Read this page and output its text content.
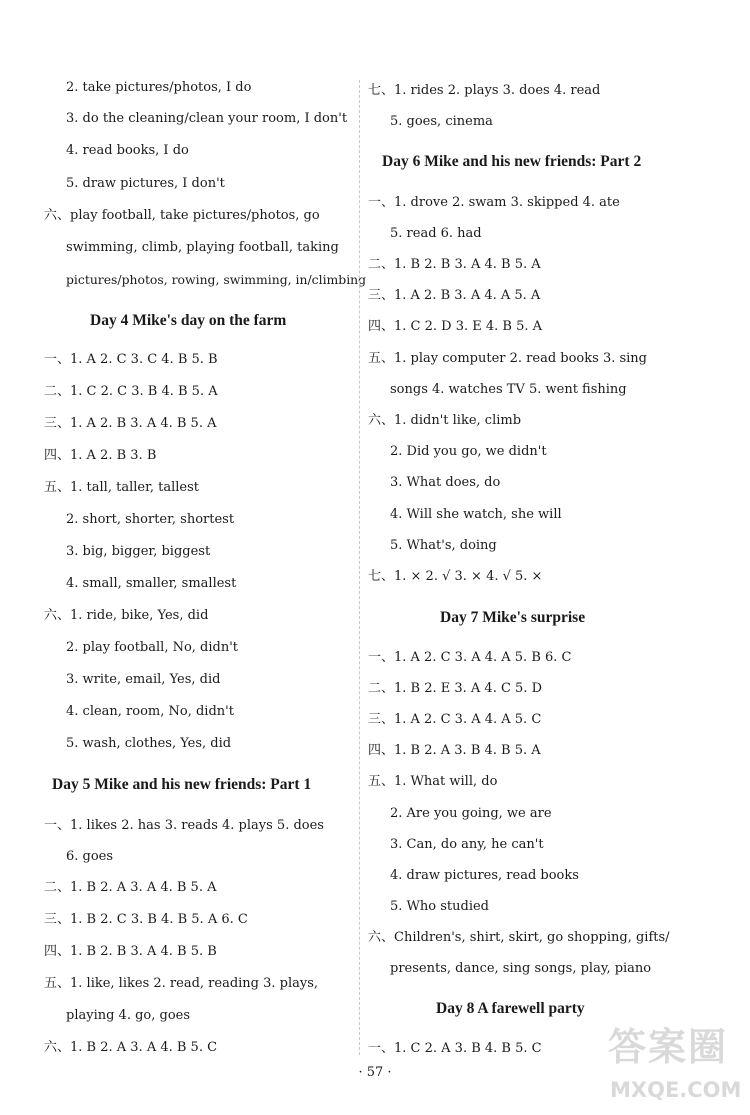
2. take pictures/photos, I do
3. do the cleaning/clean your room, I don't
4. read books, I do
5. draw pictures, I don't
六、play football, take pictures/photos, go
swimming, climb, playing football, taking
pictures/photos, rowing, swimming, in/climbing
Day 4 Mike's day on the farm
一、1. A 2. C 3. C 4. B 5. B
二、1. C 2. C 3. B 4. B 5. A
三、1. A 2. B 3. A 4. B 5. A
四、1. A 2. B 3. B
五、1. tall, taller, tallest
2. short, shorter, shortest
3. big, bigger, biggest
4. small, smaller, smallest
六、1. ride, bike, Yes, did
2. play football, No, didn't
3. write, email, Yes, did
4. clean, room, No, didn't
5. wash, clothes, Yes, did
Day 5 Mike and his new friends: Part 1
一、1. likes 2. has 3. reads 4. plays 5. does
6. goes
二、1. B 2. A 3. A 4. B 5. A
三、1. B 2. C 3. B 4. B 5. A 6. C
四、1. B 2. B 3. A 4. B 5. B
五、1. like, likes 2. read, reading 3. plays,
playing 4. go, goes
六、1. B 2. A 3. A 4. B 5. C
七、1. rides 2. plays 3. does 4. read
5. goes, cinema
Day 6 Mike and his new friends: Part 2
一、1. drove 2. swam 3. skipped 4. ate
5. read 6. had
二、1. B 2. B 3. A 4. B 5. A
三、1. A 2. B 3. A 4. A 5. A
四、1. C 2. D 3. E 4. B 5. A
五、1. play computer 2. read books 3. sing
songs 4. watches TV 5. went fishing
六、1. didn't like, climb
2. Did you go, we didn't
3. What does, do
4. Will she watch, she will
5. What's, doing
七、1. × 2. √ 3. × 4. √ 5. ×
Day 7 Mike's surprise
一、1. A 2. C 3. A 4. A 5. B 6. C
二、1. B 2. E 3. A 4. C 5. D
三、1. A 2. C 3. A 4. A 5. C
四、1. B 2. A 3. B 4. B 5. A
五、1. What will, do
2. Are you going, we are
3. Can, do any, he can't
4. draw pictures, read books
5. Who studied
六、Children's, shirt, skirt, go shopping, gifts/
presents, dance, sing songs, play, piano
Day 8 A farewell party
一、1. C 2. A 3. B 4. B 5. C
· 57 ·
答案圈
MXQE.COM
